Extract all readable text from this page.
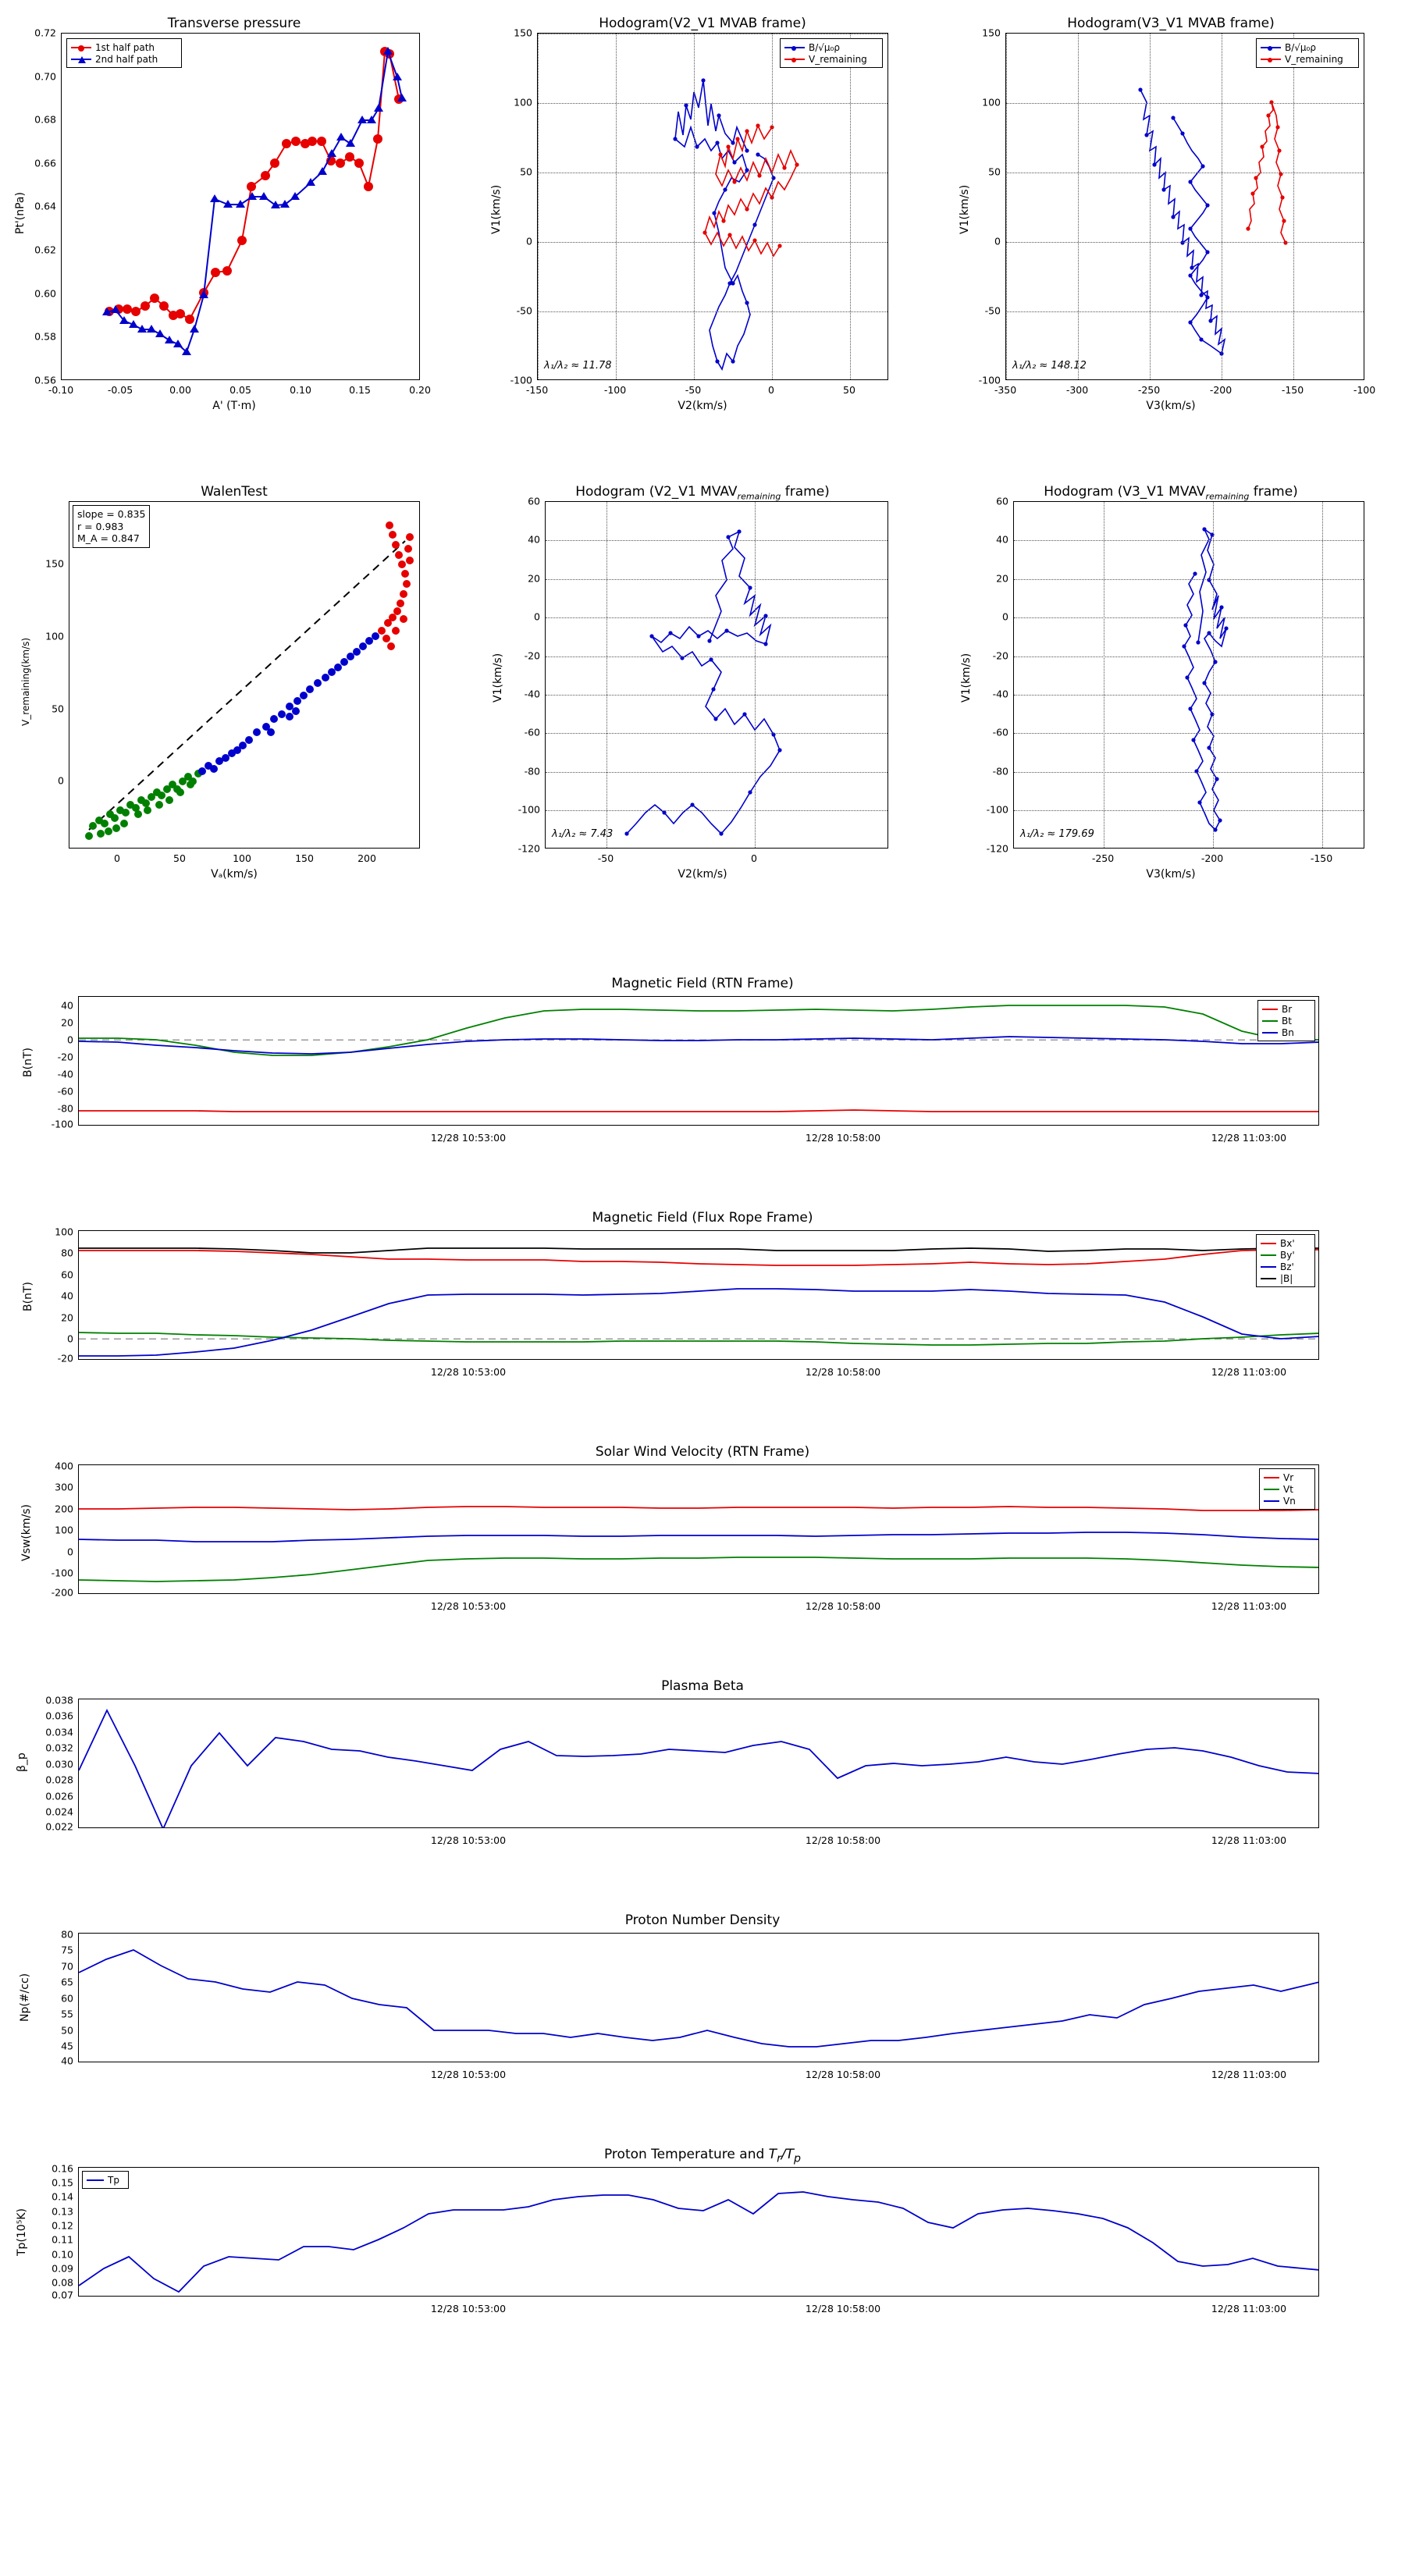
Transverse pressure
1st half path
2nd half path
-0.10	-0.05	0.00	0.05	0.10	0.15	0.20
0.72
0.70
0.68
0.66
0.64
0.62
0.60
0.58
0.56
A' (T·m)
Pt'(nPa)
Hodogram(V2_V1 MVAB frame)
B/√μ₀ρ
V_remaining
λ₁/λ₂ ≈ 11.78
-150	-100	-50	0	50
150
100
50
0
-50
-100
V2(km/s)
V1(km/s)
Hodogram(V3_V1 MVAB frame)
B/√μ₀ρ
V_remaining
λ₁/λ₂ ≈ 148.12
-350	-300	-250	-200	-150	-100
150
100
50
0
-50
-100
V3(km/s)
V1(km/s)
WalenTest
slope = 0.835
r = 0.983
M_A = 0.847
0	50	100	150	200
150
100
50
0
Vₐ(km/s)
V_remaining(km/s)
Hodogram (V2_V1 $MVAV_{remaining}$ frame)
λ₁/λ₂ ≈ 7.43
-50	0
60
40
20
0
-20
-40
-60
-80
-100
-120
V2(km/s)
V1(km/s)
Hodogram (V3_V1 $MVAV_{remaining}$ frame)
λ₁/λ₂ ≈ 179.69
-250	-200	-150
60
40
20
0
-20
-40
-60
-80
-100
-120
V3(km/s)
V1(km/s)
Magnetic Field (RTN Frame)
Br
Bt
Bn
40
20
0
-20
-40
-60
-80
-100
12/28 10:53:00	12/28 10:58:00	12/28 11:03:00
B(nT)
Magnetic Field (Flux Rope Frame)
Bx'
By'
Bz'
|B|
100
80
60
40
20
0
-20
12/28 10:53:00	12/28 10:58:00	12/28 11:03:00
B(nT)
Solar Wind Velocity (RTN Frame)
Vr
Vt
Vn
400
300
200
100
0
-100
-200
12/28 10:53:00	12/28 10:58:00	12/28 11:03:00
Vsw(km/s)
Plasma Beta
0.038
0.036
0.034
0.032
0.030
0.028
0.026
0.024
0.022
12/28 10:53:00	12/28 10:58:00	12/28 11:03:00
β_p
Proton Number Density
80
75
70
65
60
55
50
45
40
12/28 10:53:00	12/28 10:58:00	12/28 11:03:00
Np(#/cc)
Proton Temperature and $T_r/T_p$
Tp
0.16
0.15
0.14
0.13
0.12
0.11
0.10
0.09
0.08
0.07
12/28 10:53:00	12/28 10:58:00	12/28 11:03:00
Tp(10⁵K)
